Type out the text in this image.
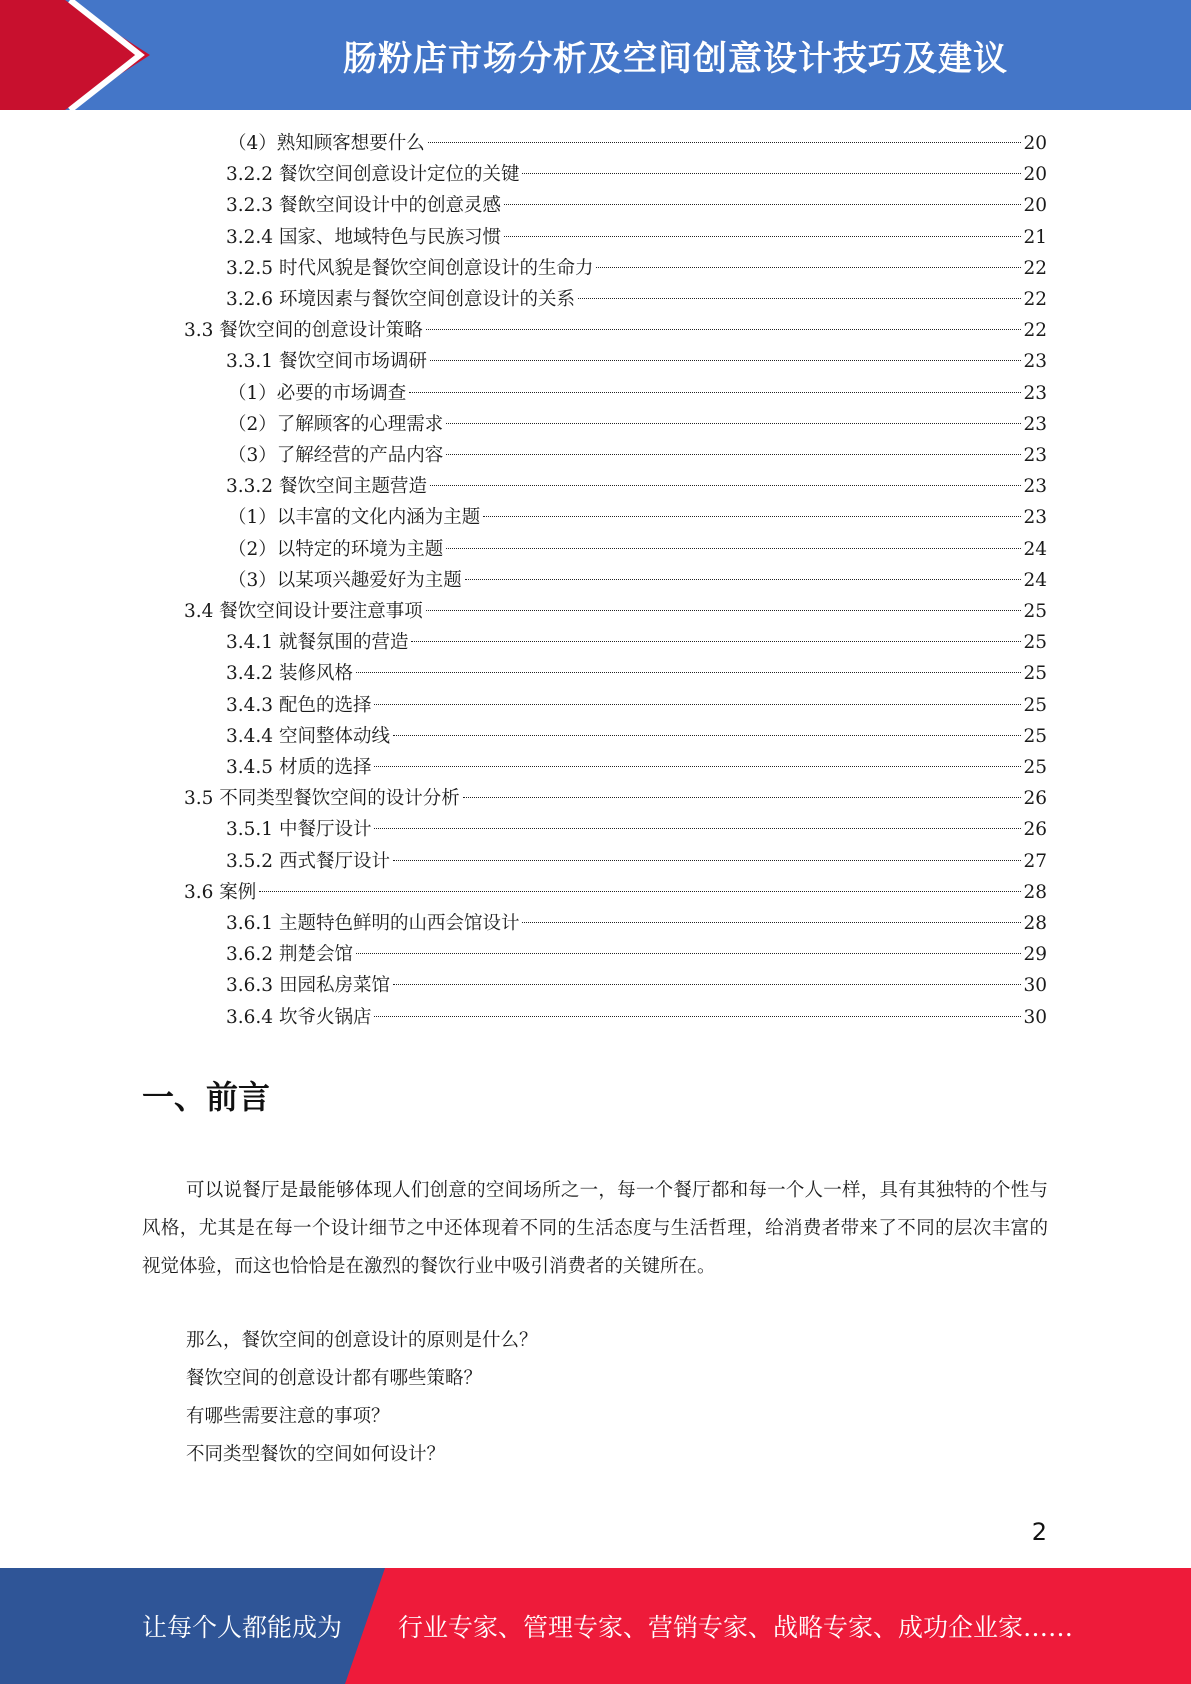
肠粉店市场分析及空间创意设计技巧及建议
（4）熟知顾客想要什么	20
3.2.2 餐饮空间创意设计定位的关键	20
3.2.3 餐飲空间设计中的创意灵感	20
3.2.4 国家、地域特色与民族习惯	21
3.2.5 时代风貌是餐饮空间创意设计的生命力	22
3.2.6 环境因素与餐饮空间创意设计的关系	22
3.3 餐饮空间的创意设计策略	22
3.3.1 餐饮空间市场调研	23
（1）必要的市场调查	23
（2）了解顾客的心理需求	23
（3）了解经营的产品内容	23
3.3.2 餐饮空间主题营造	23
（1）以丰富的文化内涵为主题	23
（2）以特定的环境为主题	24
（3）以某项兴趣爱好为主题	24
3.4 餐饮空间设计要注意事项	25
3.4.1 就餐氛围的营造	25
3.4.2 装修风格	25
3.4.3 配色的选择	25
3.4.4 空间整体动线	25
3.4.5 材质的选择	25
3.5 不同类型餐饮空间的设计分析	26
3.5.1 中餐厅设计	26
3.5.2 西式餐厅设计	27
3.6 案例	28
3.6.1 主题特色鲜明的山西会馆设计	28
3.6.2 荆楚会馆	29
3.6.3 田园私房菜馆	30
3.6.4 坎爷火锅店	30
一、前言
可以说餐厅是最能够体现人们创意的空间场所之一，每一个餐厅都和每一个人一样，具有其独特的个性与风格，尤其是在每一个设计细节之中还体现着不同的生活态度与生活哲理，给消费者带来了不同的层次丰富的视觉体验，而这也恰恰是在激烈的餐饮行业中吸引消费者的关键所在。
那么，餐饮空间的创意设计的原则是什么？
餐饮空间的创意设计都有哪些策略？
有哪些需要注意的事项？
不同类型餐饮的空间如何设计？
2
让每个人都能成为 行业专家、管理专家、营销专家、战略专家、成功企业家……
